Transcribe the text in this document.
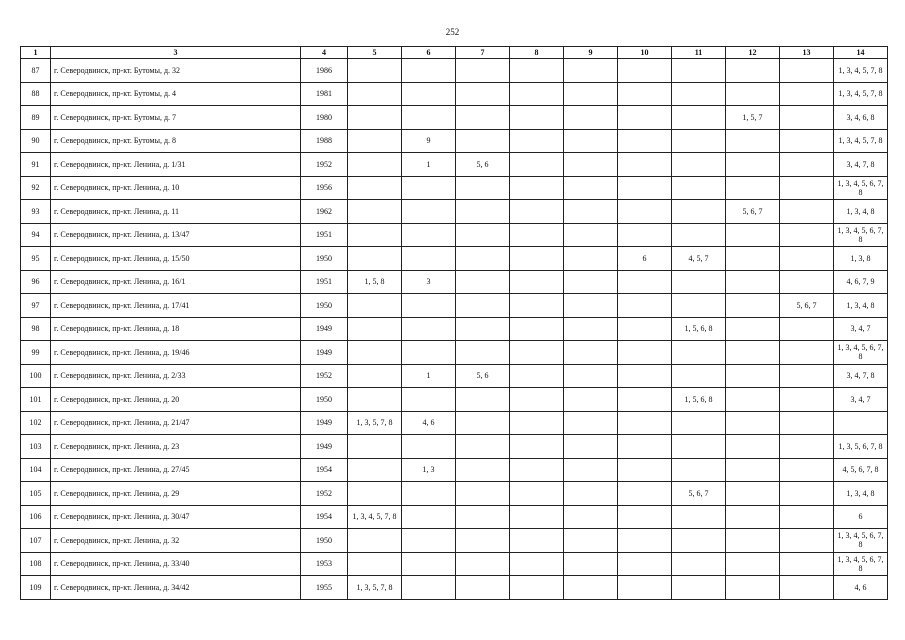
252
1	3	4	5	6	7	8	9	10	11	12	13	14
87	г. Северодвинск, пр-кт. Бутомы, д. 32	1986										1, 3, 4, 5, 7, 8
88	г. Северодвинск, пр-кт. Бутомы, д. 4	1981										1, 3, 4, 5, 7, 8
89	г. Северодвинск, пр-кт. Бутомы, д. 7	1980								1, 5, 7		3, 4, 6, 8
90	г. Северодвинск, пр-кт. Бутомы, д. 8	1988		9								1, 3, 4, 5, 7, 8
91	г. Северодвинск, пр-кт. Ленина, д. 1/31	1952		1	5, 6							3, 4, 7, 8
92	г. Северодвинск, пр-кт. Ленина, д. 10	1956										1, 3, 4, 5, 6, 7, 8
93	г. Северодвинск, пр-кт. Ленина, д. 11	1962								5, 6, 7		1, 3, 4, 8
94	г. Северодвинск, пр-кт. Ленина, д. 13/47	1951										1, 3, 4, 5, 6, 7, 8
95	г. Северодвинск, пр-кт. Ленина, д. 15/50	1950						6	4, 5, 7			1, 3, 8
96	г. Северодвинск, пр-кт. Ленина, д. 16/1	1951	1, 5, 8	3								4, 6, 7, 9
97	г. Северодвинск, пр-кт. Ленина, д. 17/41	1950									5, 6, 7	1, 3, 4, 8
98	г. Северодвинск, пр-кт. Ленина, д. 18	1949							1, 5, 6, 8			3, 4, 7
99	г. Северодвинск, пр-кт. Ленина, д. 19/46	1949										1, 3, 4, 5, 6, 7, 8
100	г. Северодвинск, пр-кт. Ленина, д. 2/33	1952		1	5, 6							3, 4, 7, 8
101	г. Северодвинск, пр-кт. Ленина, д. 20	1950							1, 5, 6, 8			3, 4, 7
102	г. Северодвинск, пр-кт. Ленина, д. 21/47	1949	1, 3, 5, 7, 8	4, 6								
103	г. Северодвинск, пр-кт. Ленина, д. 23	1949										1, 3, 5, 6, 7, 8
104	г. Северодвинск, пр-кт. Ленина, д. 27/45	1954		1, 3								4, 5, 6, 7, 8
105	г. Северодвинск, пр-кт. Ленина, д. 29	1952							5, 6, 7			1, 3, 4, 8
106	г. Северодвинск, пр-кт. Ленина, д. 30/47	1954	1, 3, 4, 5, 7, 8									6
107	г. Северодвинск, пр-кт. Ленина, д. 32	1950										1, 3, 4, 5, 6, 7, 8
108	г. Северодвинск, пр-кт. Ленина, д. 33/40	1953										1, 3, 4, 5, 6, 7, 8
109	г. Северодвинск, пр-кт. Ленина, д. 34/42	1955	1, 3, 5, 7, 8									4, 6
